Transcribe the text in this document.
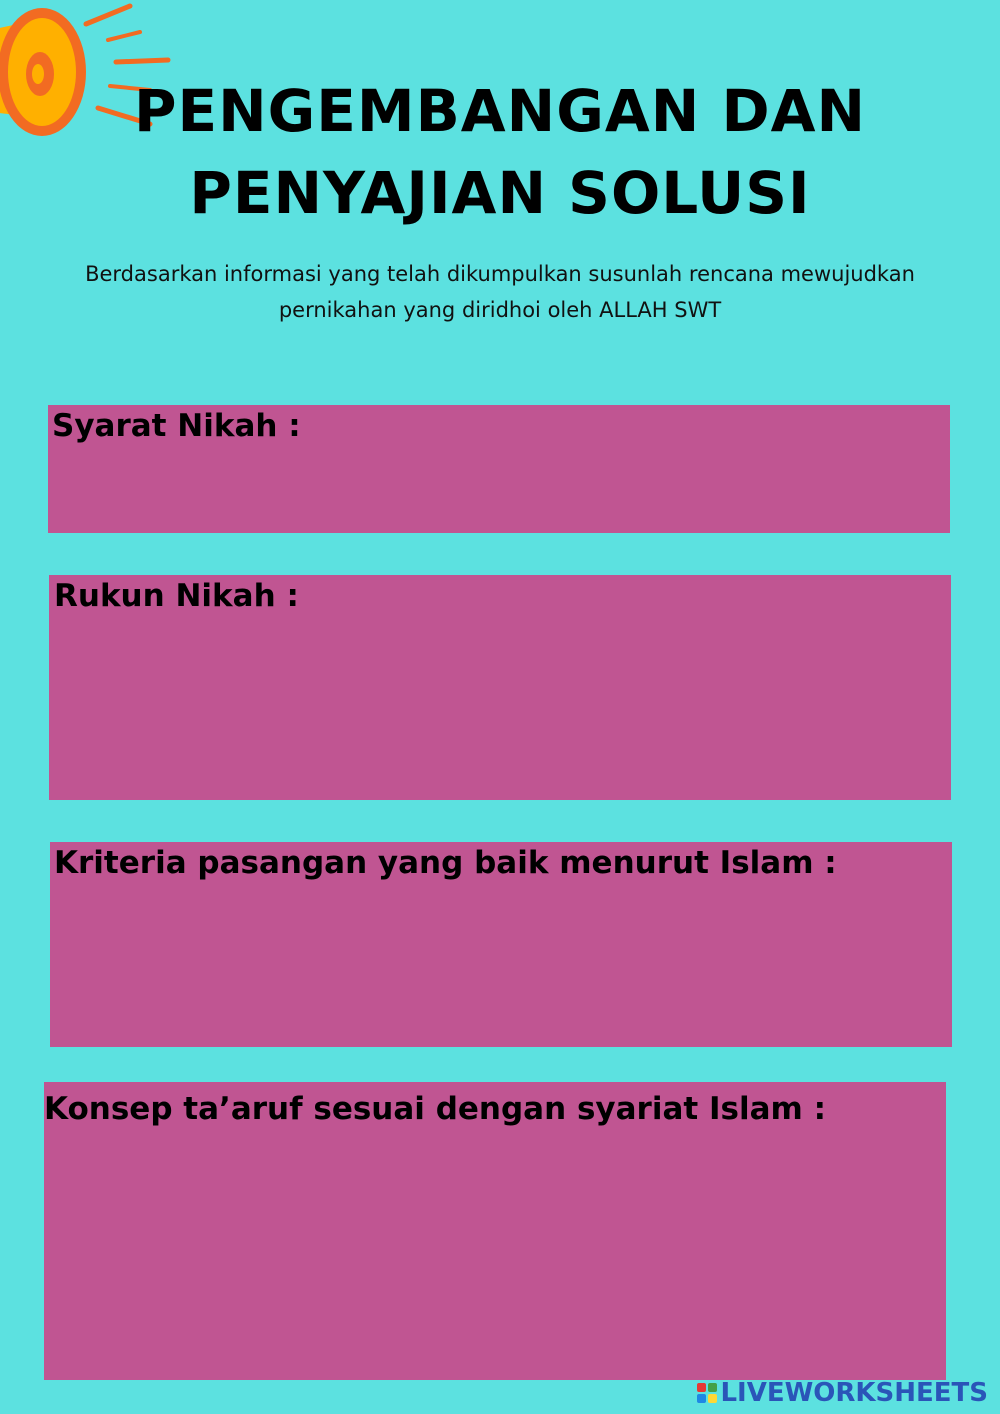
PENGEMBANGAN DAN
PENYAJIAN SOLUSI

Berdasarkan informasi yang telah dikumpulkan susunlah rencana mewujudkan
pernikahan yang diridhoi oleh ALLAH SWT

Syarat Nikah :
Rukun Nikah :
Kriteria pasangan yang baik menurut Islam :
Konsep ta’aruf sesuai dengan syariat Islam :
LIVEWORKSHEETS
